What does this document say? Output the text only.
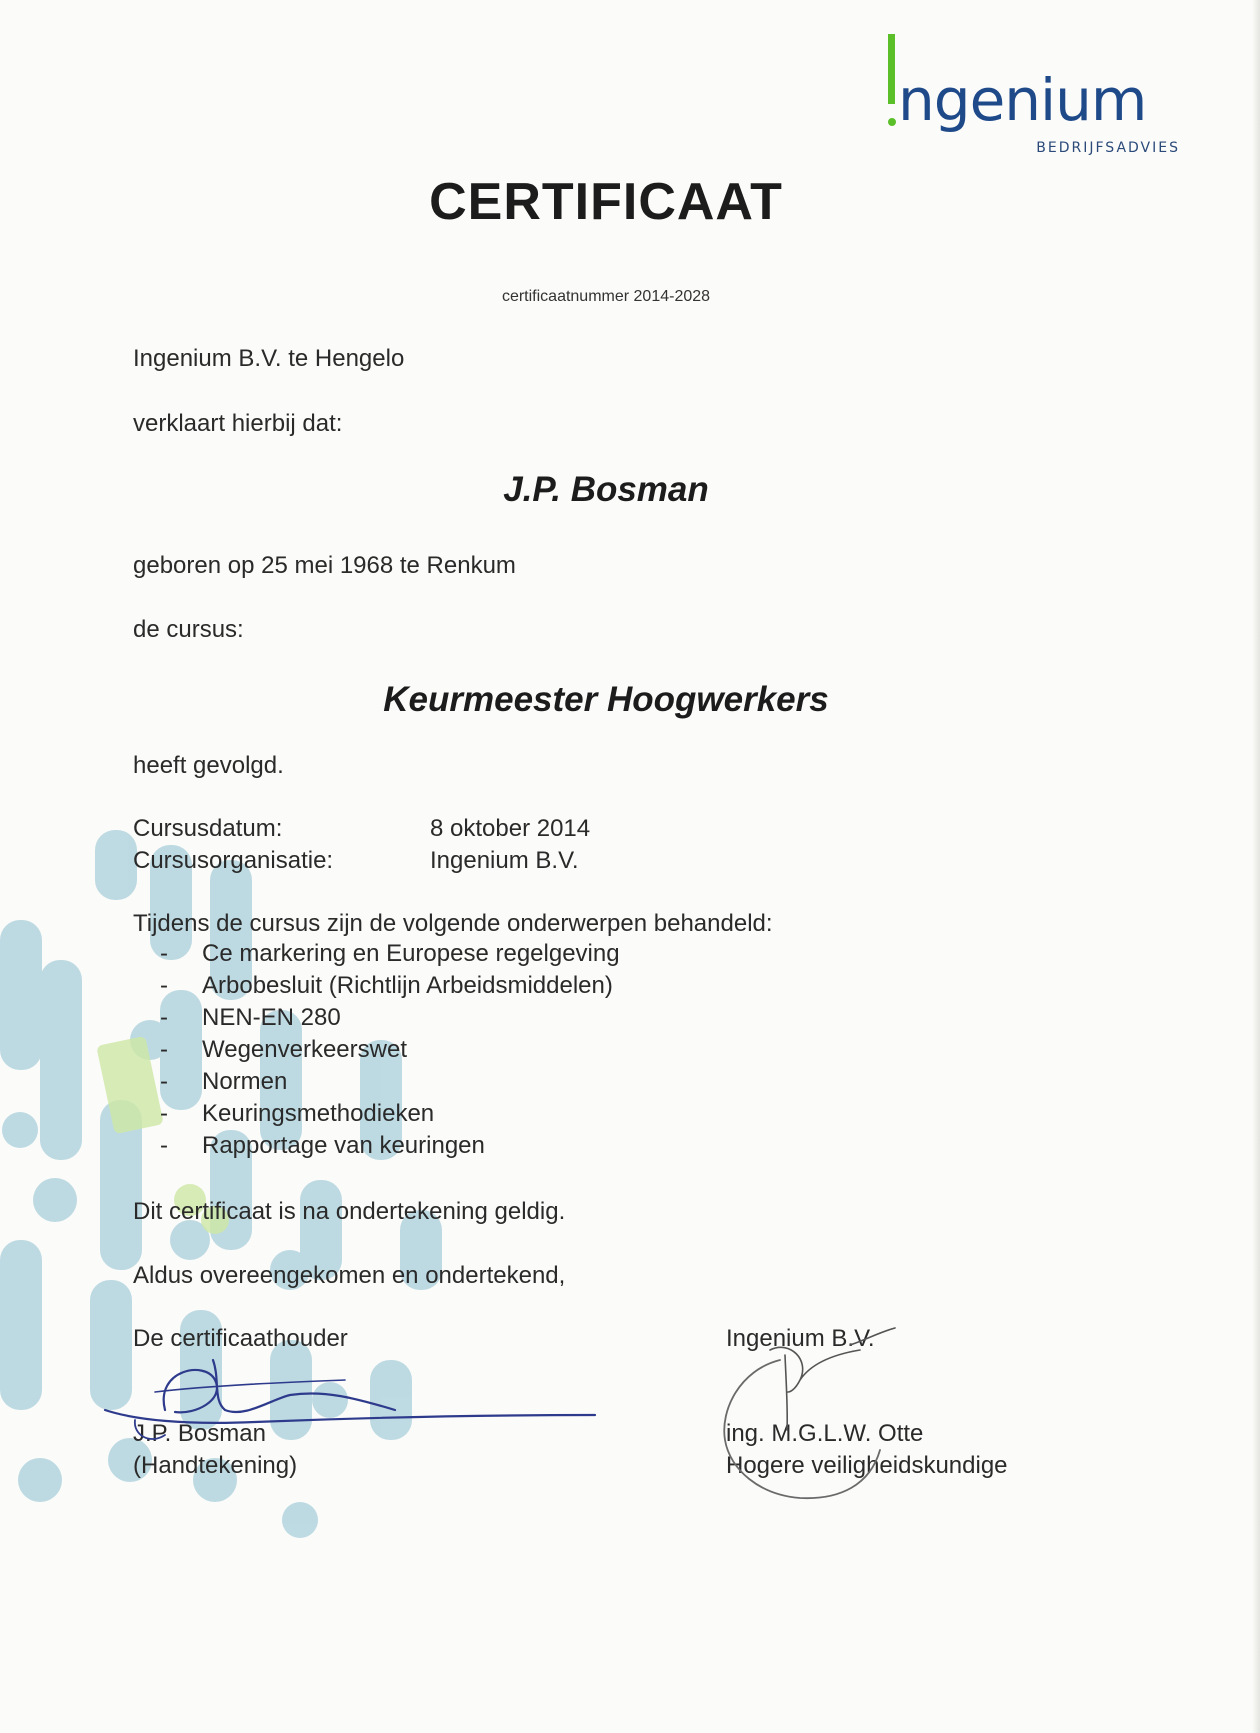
ngenium
BEDRIJFSADVIES
CERTIFICAAT
certificaatnummer 2014-2028
Ingenium B.V. te Hengelo
verklaart hierbij dat:
J.P. Bosman
geboren op 25 mei 1968 te Renkum
de cursus:
Keurmeester Hoogwerkers
heeft gevolgd.
Cursusdatum:	8 oktober 2014
Cursusorganisatie:	Ingenium B.V.
Tijdens de cursus zijn de volgende onderwerpen behandeld:
- Ce markering en Europese regelgeving
- Arbobesluit (Richtlijn Arbeidsmiddelen)
- NEN-EN 280
- Wegenverkeerswet
- Normen
- Keuringsmethodieken
- Rapportage van keuringen
Dit certificaat is na ondertekening geldig.
Aldus overeengekomen en ondertekend,
De certificaathouder
J.P. Bosman
(Handtekening)
Ingenium B.V.
ing. M.G.L.W. Otte
Hogere veiligheidskundige
